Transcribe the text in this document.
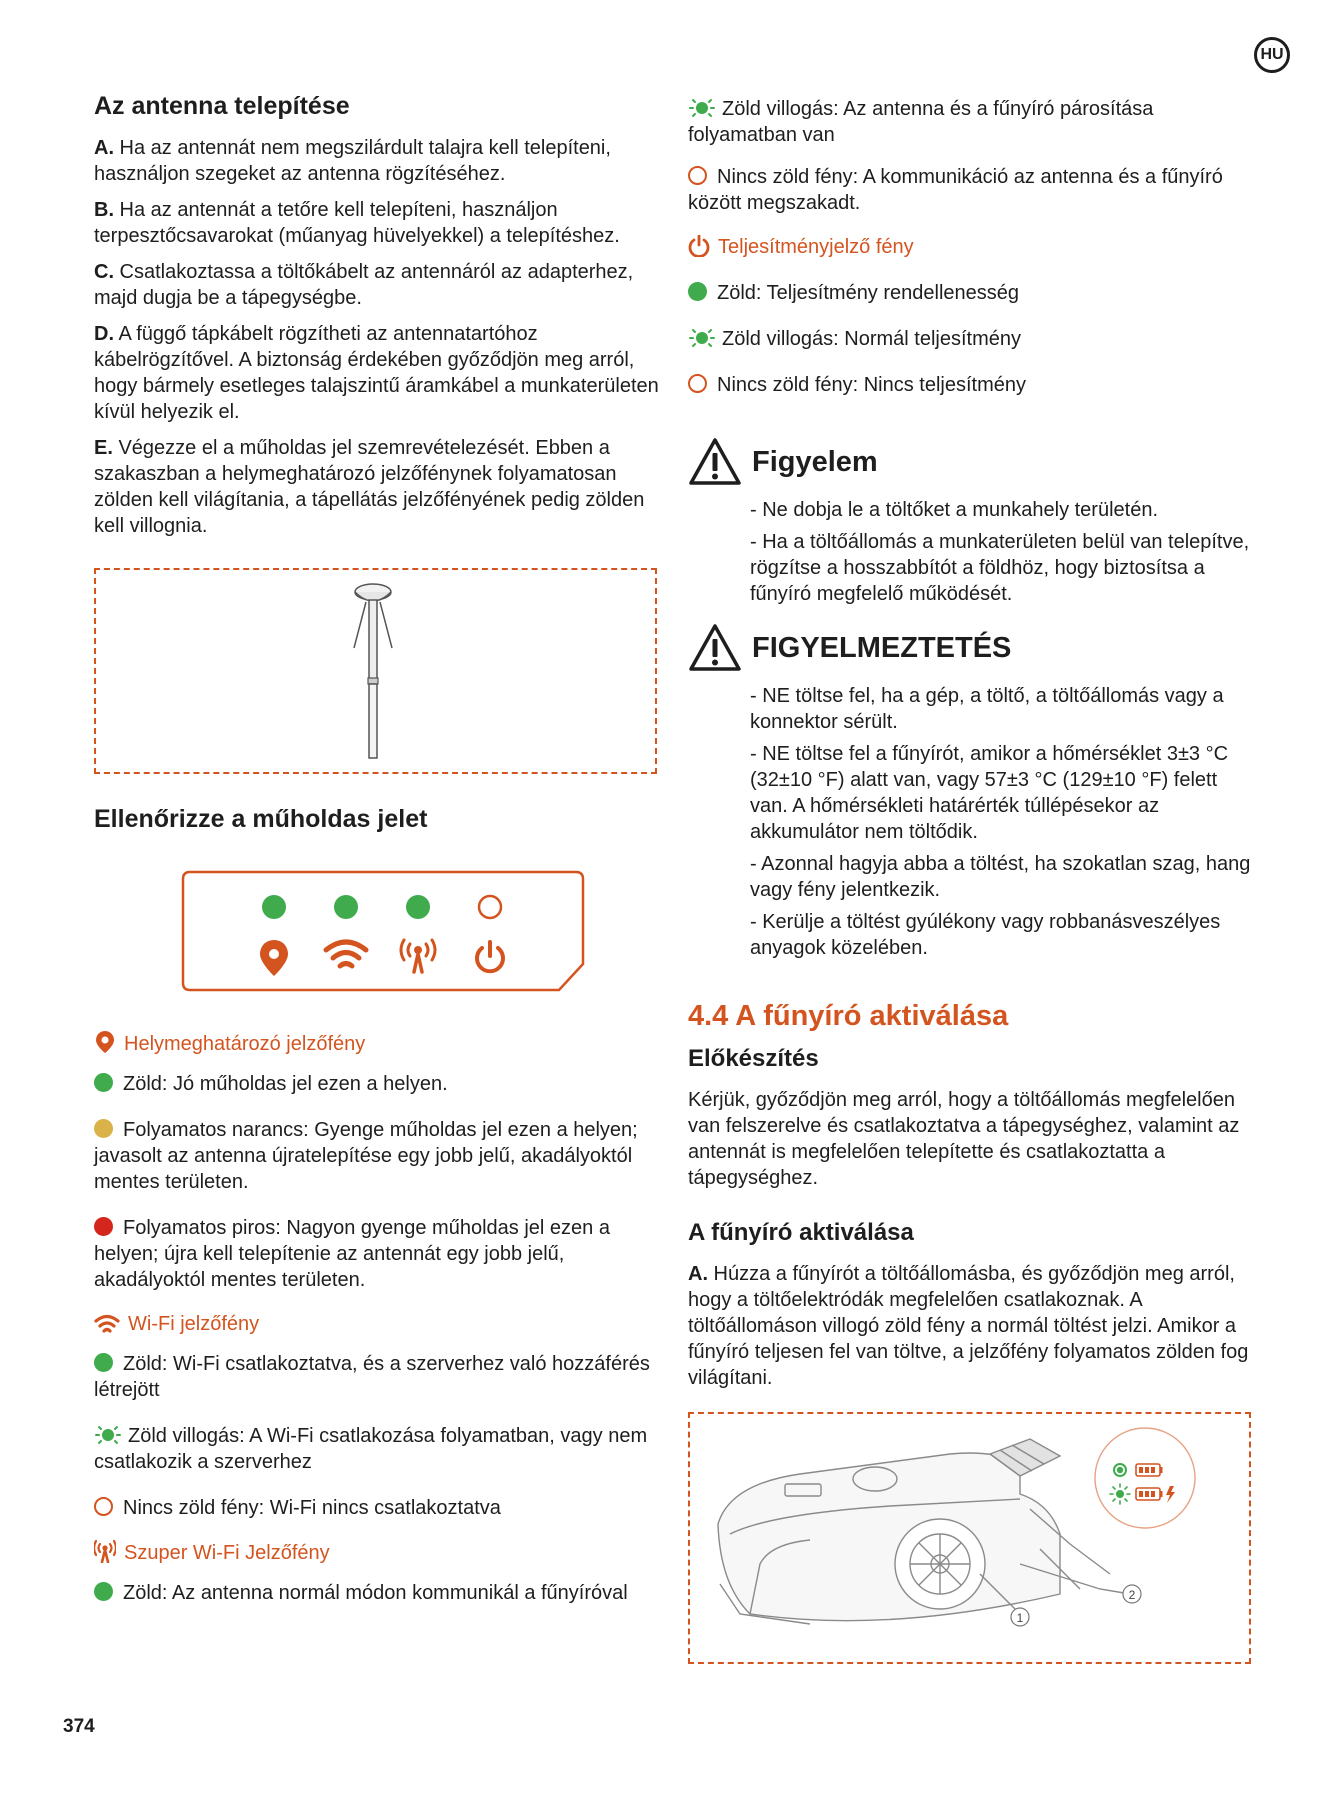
HU
Az antenna telepítése

A. Ha az antennát nem megszilárdult talajra kell telepíteni, használjon szegeket az antenna rögzítéséhez.

B. Ha az antennát a tetőre kell telepíteni, használjon terpesztőcsavarokat (műanyag hüvelyekkel) a telepítéshez.

C. Csatlakoztassa a töltőkábelt az antennáról az adapterhez, majd dugja be a tápegységbe.

D. A függő tápkábelt rögzítheti az antennatartóhoz kábelrögzítővel. A biztonság érdekében győződjön meg arról, hogy bármely esetleges talajszintű áramkábel a munkaterületen kívül helyezik el.

E. Végezze el a műholdas jel szemrevételezését. Ebben a szakaszban a helymeghatározó jelzőfénynek folyamatosan zölden kell világítania, a tápellátás jelzőfényének pedig zölden kell villognia.

Ellenőrizze a műholdas jelet

Helymeghatározó jelzőfény

Zöld: Jó műholdas jel ezen a helyen.

Folyamatos narancs: Gyenge műholdas jel ezen a helyen; javasolt az antenna újratelepítése egy jobb jelű, akadályoktól mentes területen.

Folyamatos piros: Nagyon gyenge műholdas jel ezen a helyen; újra kell telepítenie az antennát egy jobb jelű, akadályoktól mentes területen.

Wi-Fi jelzőfény

Zöld: Wi-Fi csatlakoztatva, és a szerverhez való hozzáférés létrejött

Zöld villogás: A Wi-Fi csatlakozása folyamatban, vagy nem csatlakozik a szerverhez

Nincs zöld fény: Wi-Fi nincs csatlakoztatva

Szuper Wi-Fi Jelzőfény

Zöld: Az antenna normál módon kommunikál a fűnyíróval

374

Zöld villogás: Az antenna és a fűnyíró párosítása folyamatban van

Nincs zöld fény: A kommunikáció az antenna és a fűnyíró között megszakadt.

Teljesítményjelző fény

Zöld: Teljesítmény rendellenesség

Zöld villogás: Normál teljesítmény

Nincs zöld fény: Nincs teljesítmény

Figyelem

- Ne dobja le a töltőket a munkahely területén.

- Ha a töltőállomás a munkaterületen belül van telepítve, rögzítse a hosszabbítót a földhöz, hogy biztosítsa a fűnyíró megfelelő működését.

FIGYELMEZTETÉS

- NE töltse fel, ha a gép, a töltő, a töltőállomás vagy a konnektor sérült.

- NE töltse fel a fűnyírót, amikor a hőmérséklet 3±3 °C (32±10 °F) alatt van, vagy 57±3 °C (129±10 °F) felett van. A hőmérsékleti határérték túllépésekor az akkumulátor nem töltődik.

- Azonnal hagyja abba a töltést, ha szokatlan szag, hang vagy fény jelentkezik.

- Kerülje a töltést gyúlékony vagy robbanásveszélyes anyagok közelében.

4.4 A fűnyíró aktiválása
Előkészítés

Kérjük, győződjön meg arról, hogy a töltőállomás megfelelően van felszerelve és csatlakoztatva a tápegységhez, valamint az antennát is megfelelően telepítette és csatlakoztatta a tápegységhez.

A fűnyíró aktiválása

A. Húzza a fűnyírót a töltőállomásba, és győződjön meg arról, hogy a töltőelektródák megfelelően csatlakoznak. A töltőállomáson villogó zöld fény a normál töltést jelzi. Amikor a fűnyíró teljesen fel van töltve, a jelzőfény folyamatos zölden fog világítani.

1
2
